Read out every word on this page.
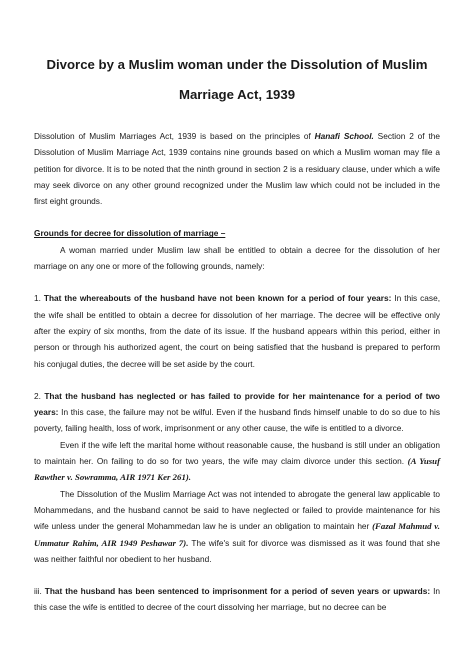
Divorce by a Muslim woman under the Dissolution of Muslim

Marriage Act, 1939

Dissolution of Muslim Marriages Act, 1939 is based on the principles of Hanafi School. Section 2 of the Dissolution of Muslim Marriage Act, 1939 contains nine grounds based on which a Muslim woman may file a petition for divorce. It is to be noted that the ninth ground in section 2 is a residuary clause, under which a wife may seek divorce on any other ground recognized under the Muslim law which could not be included in the first eight grounds.

Grounds for decree for dissolution of marriage –

A woman married under Muslim law shall be entitled to obtain a decree for the dissolution of her marriage on any one or more of the following grounds, namely:

1. That the whereabouts of the husband have not been known for a period of four years: In this case, the wife shall be entitled to obtain a decree for dissolution of her marriage. The decree will be effective only after the expiry of six months, from the date of its issue. If the husband appears within this period, either in person or through his authorized agent, the court on being satisfied that the husband is prepared to perform his conjugal duties, the decree will be set aside by the court.

2. That the husband has neglected or has failed to provide for her maintenance for a period of two years: In this case, the failure may not be wilful. Even if the husband finds himself unable to do so due to his poverty, failing health, loss of work, imprisonment or any other cause, the wife is entitled to a divorce.

Even if the wife left the marital home without reasonable cause, the husband is still under an obligation to maintain her. On failing to do so for two years, the wife may claim divorce under this section. (A Yusuf Rawther v. Sowramma, AIR 1971 Ker 261).

The Dissolution of the Muslim Marriage Act was not intended to abrogate the general law applicable to Mohammedans, and the husband cannot be said to have neglected or failed to provide maintenance for his wife unless under the general Mohammedan law he is under an obligation to maintain her (Fazal Mahmud v. Ummatur Rahim, AIR 1949 Peshawar 7). The wife's suit for divorce was dismissed as it was found that she was neither faithful nor obedient to her husband.

iii. That the husband has been sentenced to imprisonment for a period of seven years or upwards: In this case the wife is entitled to decree of the court dissolving her marriage, but no decree can be
